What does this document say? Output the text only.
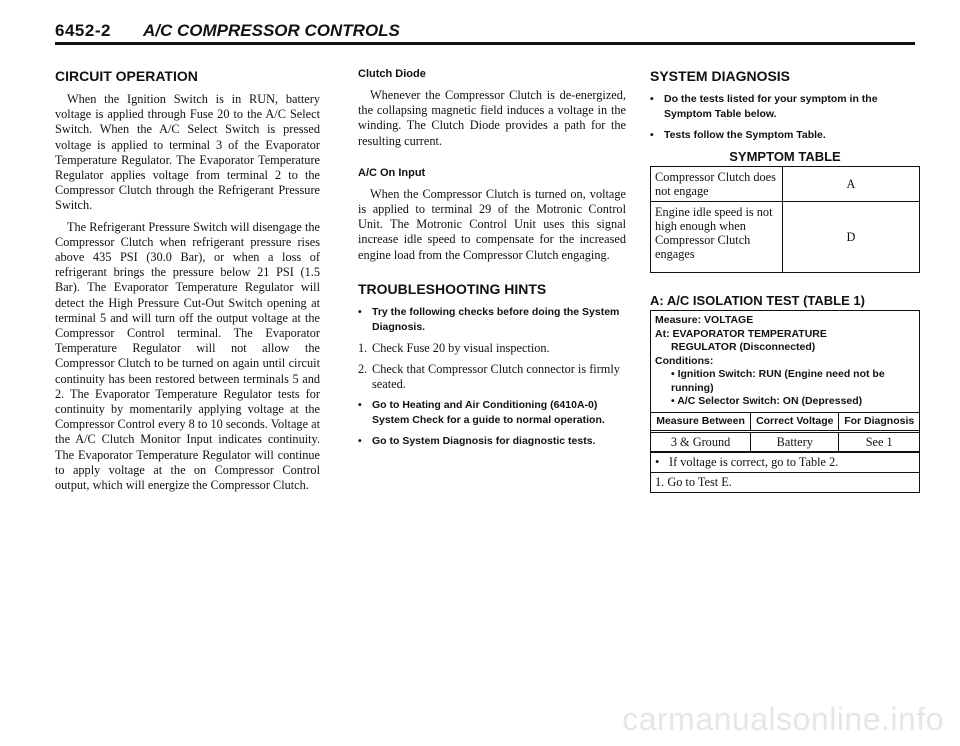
6452-2 A/C COMPRESSOR CONTROLS
CIRCUIT OPERATION

When the Ignition Switch is in RUN, battery voltage is applied through Fuse 20 to the A/C Select Switch. When the A/C Select Switch is pressed voltage is applied to terminal 3 of the Evaporator Temperature Regulator. The Evaporator Temperature Regulator applies voltage from terminal 2 to the Compressor Clutch through the Refrigerant Pressure Switch.

The Refrigerant Pressure Switch will disengage the Compressor Clutch when refrigerant pressure rises above 435 PSI (30.0 Bar), or when a loss of refrigerant brings the pressure below 21 PSI (1.5 Bar). The Evaporator Temperature Regulator will detect the High Pressure Cut-Out Switch opening at terminal 5 and will turn off the output voltage at the Compressor Control terminal. The Evaporator Temperature Regulator will not allow the Compressor Clutch to be turned on again until circuit continuity has been restored between terminals 5 and 2. The Evaporator Temperature Regulator tests for continuity by momentarily applying voltage at the Compressor Control every 8 to 10 seconds. Voltage at the A/C Clutch Monitor Input indicates continuity. The Evaporator Temperature Regulator will continue to apply voltage at the on Compressor Control output, which will energize the Compressor Clutch.

Clutch Diode

Whenever the Compressor Clutch is de-energized, the collapsing magnetic field induces a voltage in the winding. The Clutch Diode provides a path for the resulting current.

A/C On Input

When the Compressor Clutch is turned on, voltage is applied to terminal 29 of the Motronic Control Unit. The Motronic Control Unit uses this signal increase idle speed to compensate for the increased engine load from the Compressor Clutch engaging.

TROUBLESHOOTING HINTS
• Try the following checks before doing the System Diagnosis.
1. Check Fuse 20 by visual inspection.
2. Check that Compressor Clutch connector is firmly seated.
• Go to Heating and Air Conditioning (6410A-0) System Check for a guide to normal operation.
• Go to System Diagnosis for diagnostic tests.
SYSTEM DIAGNOSIS
• Do the tests listed for your symptom in the Symptom Table below.
• Tests follow the Symptom Table.
SYMPTOM TABLE
Compressor Clutch does not engage	A
Engine idle speed is not high enough when Compressor Clutch engages	D
A: A/C ISOLATION TEST (TABLE 1)
Measure: VOLTAGE
At: EVAPORATOR TEMPERATURE
REGULATOR (Disconnected)
Conditions:
• Ignition Switch: RUN (Engine need not be running)
• A/C Selector Switch: ON (Depressed)
Measure Between	Correct Voltage	For Diagnosis
3 & Ground	Battery	See 1
• If voltage is correct, go to Table 2.
1. Go to Test E.
carmanualsonline.info
